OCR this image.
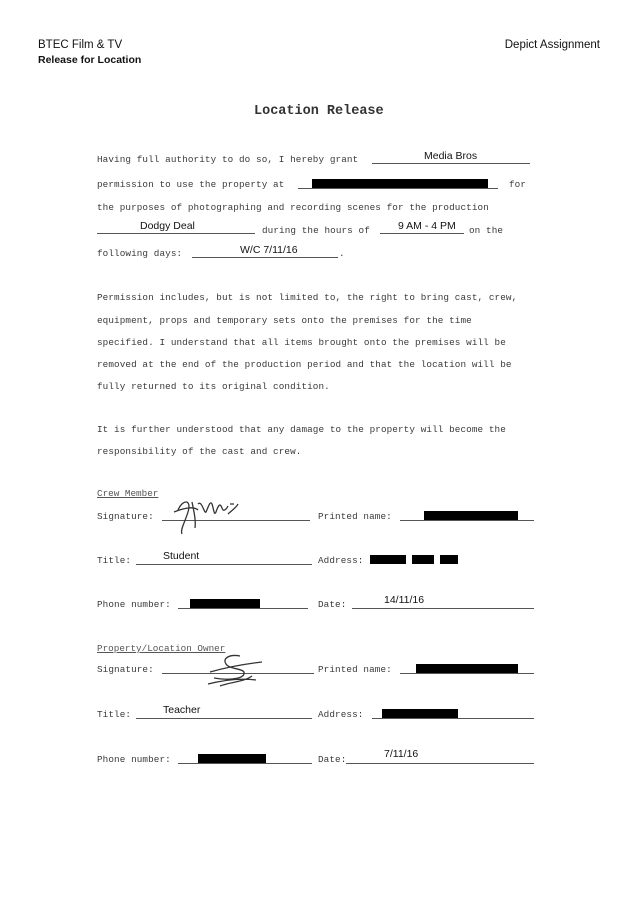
BTEC Film & TV
Release for Location
Depict Assignment
Location Release
Having full authority to do so, I hereby grant	Media Bros
permission to use the property at	for
the purposes of photographing and recording scenes for the production
Dodgy Deal	during the hours of	9 AM - 4 PM on the
following days:	W/C 7/11/16	.
Permission includes, but is not limited to, the right to bring cast, crew,
equipment, props and temporary sets onto the premises for the time
specified. I understand that all items brought onto the premises will be
removed at the end of the production period and that the location will be
fully returned to its original condition.
It is further understood that any damage to the property will become the
responsibility of the cast and crew.
Crew Member
Signature:	Printed name:
Title:	Student	Address:
Phone number:	Date:	14/11/16
Property/Location Owner
Signature:	Printed name:
Title:	Teacher	Address:
Phone number:	Date:	7/11/16
